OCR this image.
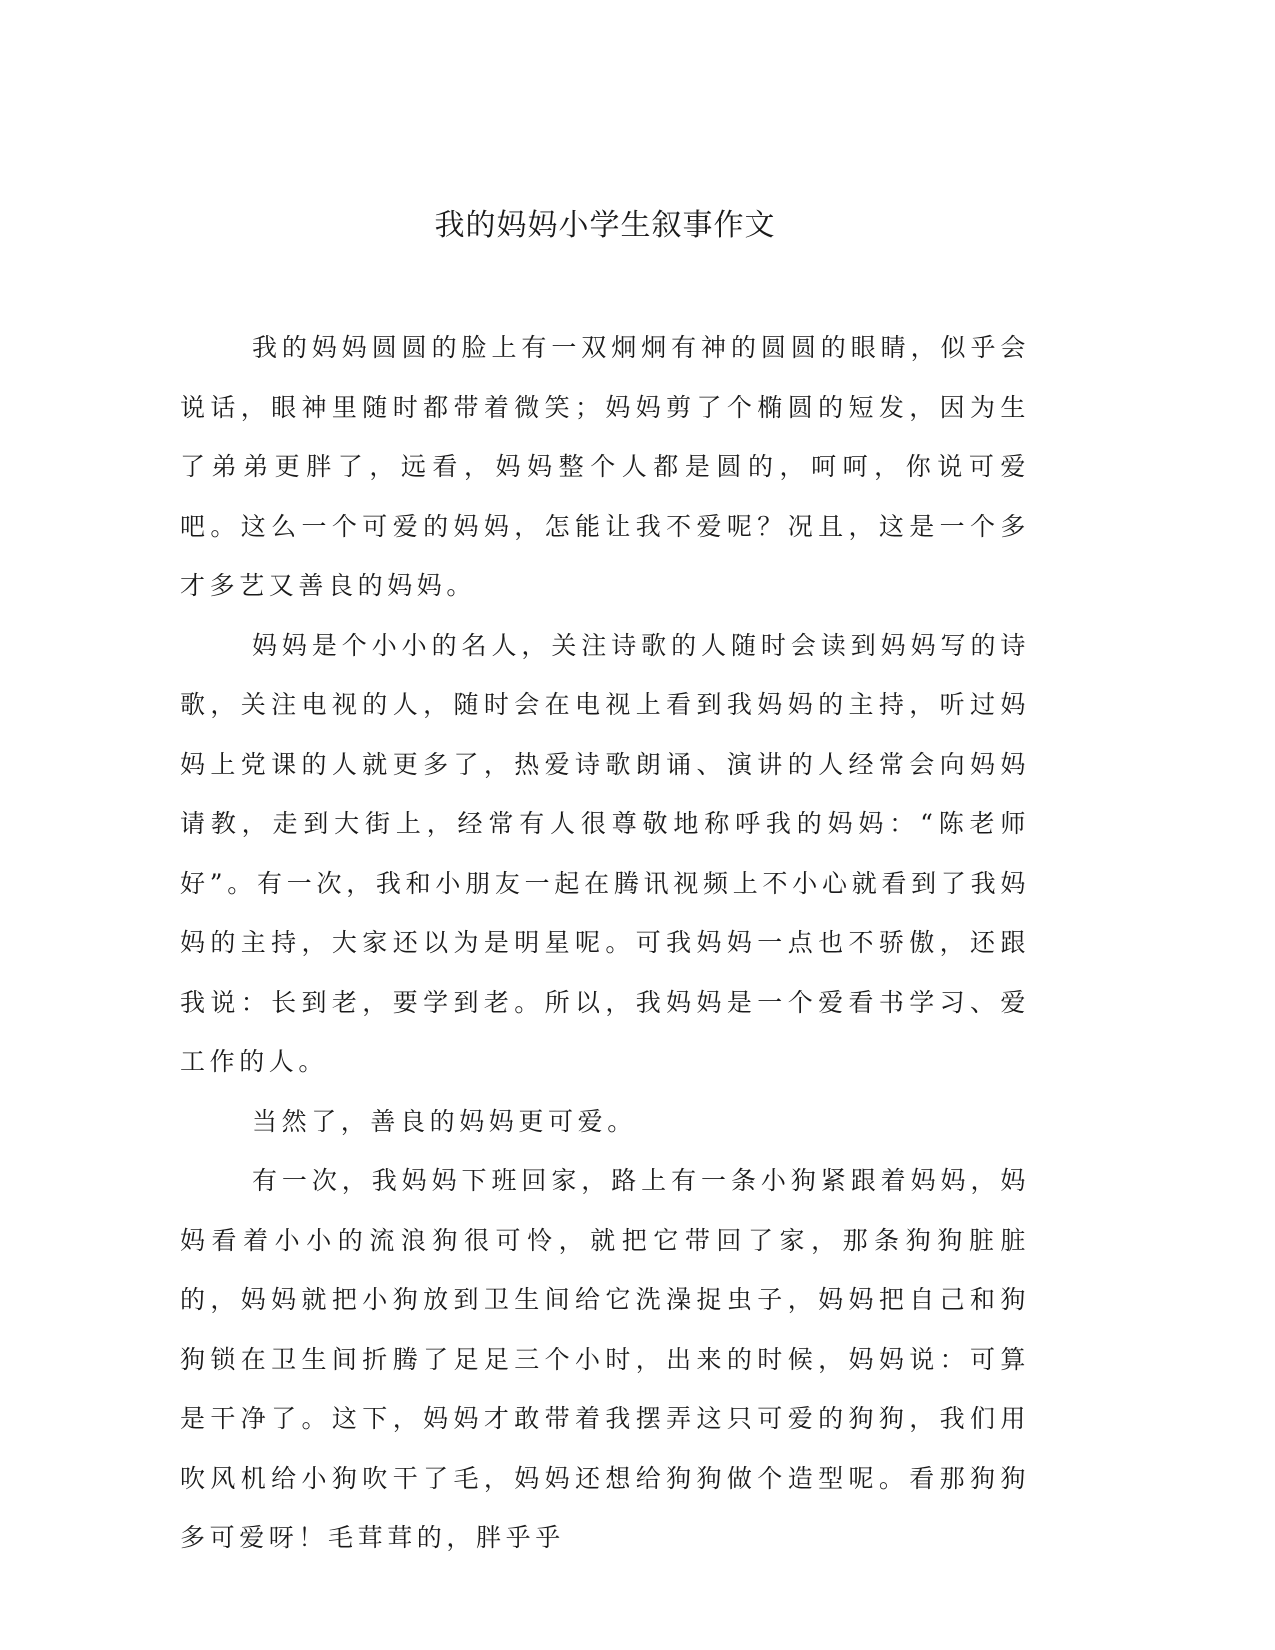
我的妈妈小学生叙事作文

我的妈妈圆圆的脸上有一双炯炯有神的圆圆的眼睛，似乎会说话，眼神里随时都带着微笑；妈妈剪了个椭圆的短发，因为生了弟弟更胖了，远看，妈妈整个人都是圆的，呵呵，你说可爱吧。这么一个可爱的妈妈，怎能让我不爱呢？况且，这是一个多才多艺又善良的妈妈。

妈妈是个小小的名人，关注诗歌的人随时会读到妈妈写的诗歌，关注电视的人，随时会在电视上看到我妈妈的主持，听过妈妈上党课的人就更多了，热爱诗歌朗诵、演讲的人经常会向妈妈请教，走到大街上，经常有人很尊敬地称呼我的妈妈：“陈老师好”。有一次，我和小朋友一起在腾讯视频上不小心就看到了我妈妈的主持，大家还以为是明星呢。可我妈妈一点也不骄傲，还跟我说：长到老，要学到老。所以，我妈妈是一个爱看书学习、爱工作的人。

当然了，善良的妈妈更可爱。

有一次，我妈妈下班回家，路上有一条小狗紧跟着妈妈，妈妈看着小小的流浪狗很可怜，就把它带回了家，那条狗狗脏脏的，妈妈就把小狗放到卫生间给它洗澡捉虫子，妈妈把自己和狗狗锁在卫生间折腾了足足三个小时，出来的时候，妈妈说：可算是干净了。这下，妈妈才敢带着我摆弄这只可爱的狗狗，我们用吹风机给小狗吹干了毛，妈妈还想给狗狗做个造型呢。看那狗狗多可爱呀！毛茸茸的，胖乎乎
